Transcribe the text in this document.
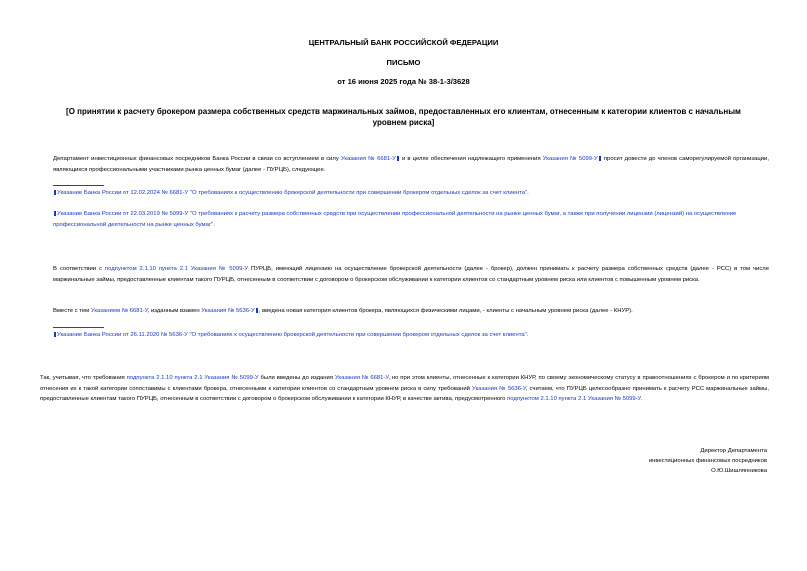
ЦЕНТРАЛЬНЫЙ БАНК РОССИЙСКОЙ ФЕДЕРАЦИИ
ПИСЬМО
от 16 июня 2025 года № 38-1-3/3628
[О принятии к расчету брокером размера собственных средств маржинальных займов, предоставленных его клиентам, отнесенным к категории клиентов с начальным уровнем риска]
Департамент инвестиционных финансовых посредников Банка России в связи со вступлением в силу Указания № 6681-У и в целях обеспечения надлежащего применения Указания № 5099-У просит довести до членов саморегулируемой организации, являющихся профессиональными участниками рынка ценных бумаг (далее - ПУРЦБ), следующее.
Указание Банка России от 12.02.2024 № 6681-У "О требованиях к осуществлению брокерской деятельности при совершении брокером отдельных сделок за счет клиента".
Указание Банка России от 22.03.2019 № 5099-У "О требованиях к расчету размера собственных средств при осуществлении профессиональной деятельности на рынке ценных бумаг, а также при получении лицензии (лицензий) на осуществление профессиональной деятельности на рынке ценных бумаг".
В соответствии с подпунктом 2.1.10 пункта 2.1 Указания № 5099-У ПУРЦБ, имеющий лицензию на осуществление брокерской деятельности (далее - брокер), должен принимать к расчету размера собственных средств (далее - РСС) в том числе маржинальные займы, предоставленные клиентам такого ПУРЦБ, отнесенным в соответствии с договором о брокерском обслуживании к категории клиентов со стандартным уровнем риска или клиентов с повышенным уровнем риска.
Вместе с тем Указанием № 6681-У, изданным взамен Указания № 5636-У , введена новая категория клиентов брокера, являющихся физическими лицами, - клиенты с начальным уровнем риска (далее - КНУР).
Указание Банка России от 26.11.2020 № 5636-У "О требованиях к осуществлению брокерской деятельности при совершении брокером отдельных сделок за счет клиента".
Так, учитывая, что требования подпункта 2.1.10 пункта 2.1 Указания № 5099-У были введены до издания Указания № 6681-У, но при этом клиенты, отнесенные к категории КНУР, по своему экономическому статусу в правоотношениях с брокером и по критериям отнесения их к такой категории сопоставимы с клиентами брокера, отнесенными к категории клиентов со стандартным уровнем риска в силу требований Указания № 5636-У, считаем, что ПУРЦБ целесообразно принимать к расчету РСС маржинальные займы, предоставленные клиентам такого ПУРЦБ, отнесенным в соответствии с договором о брокерском обслуживании к категории КНУР, в качестве актива, предусмотренного подпунктом 2.1.10 пункта 2.1 Указания № 5099-У.
Директор Департамента
инвестиционных финансовых посредников
О.Ю.Шишлянникова
